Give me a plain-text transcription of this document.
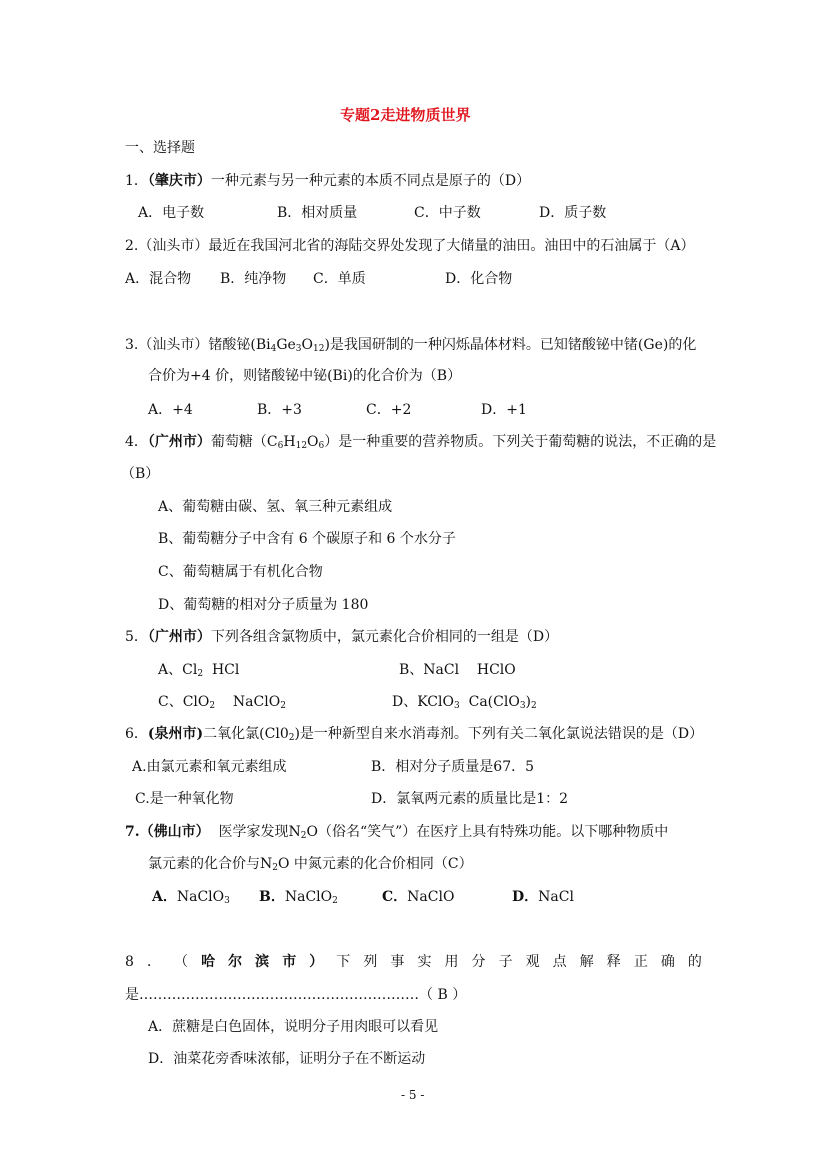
专题2走进物质世界
一、选择题
1．（肇庆市）一种元素与另一种元素的本质不同点是原子的（D）
A．电子数	B．相对质量	C．中子数	D．质子数
2.（汕头市）最近在我国河北省的海陆交界处发现了大储量的油田。油田中的石油属于（A）
A．混合物 B．纯净物 C．单质	D．化合物
3.（汕头市）锗酸铋$(Bi_4Ge_3O_{12})$是我国研制的一种闪烁晶体材料。已知锗酸铋中锗(Ge)的化
合价为+4 价，则锗酸铋中铋(Bi)的化合价为（B）
A．+4	B．+3	C．+2	D．+1
4．（广州市）葡萄糖$(C_6H_{12}O_6)$是一种重要的营养物质。下列关于葡萄糖的说法，不正确的是
（B）
A、葡萄糖由碳、氢、氧三种元素组成
B、葡萄糖分子中含有 6 个碳原子和 6 个水分子
C、葡萄糖属于有机化合物
D、葡萄糖的相对分子质量为 180
5．（广州市）下列各组含氯物质中，氯元素化合价相同的一组是（D）
A、$Cl_2$  HCl	B、NaCl    HClO
C、ClO$_2$    NaClO$_2$	D、KClO$_3$  $Ca(ClO_3)_2$
6．(泉州市)二氧化氯$(Cl0_2)$是一种新型自来水消毒剂。下列有关二氧化氯说法错误的是（D）
A.由氯元素和氧元素组成	B．相对分子质量是67．5
C.是一种氧化物	D．氯氧两元素的质量比是1：2
7.（佛山市）  医学家发现$N_2O$（俗名“笑气”）在医疗上具有特殊功能。以下哪种物质中
氯元素的化合价与$N_2O$ 中氮元素的化合价相同（C）
A．NaClO$_3$ B．NaClO$_2$	C．NaClO	D．NaCl
8 ． （ 哈 尔 滨 市 ） 下 列 事 实 用 分 子 观 点 解 释 正 确 的
是……………………………………………………（ B ）
A．蔗糖是白色固体，说明分子用肉眼可以看见
D．油菜花旁香味浓郁，证明分子在不断运动
- 5 -
